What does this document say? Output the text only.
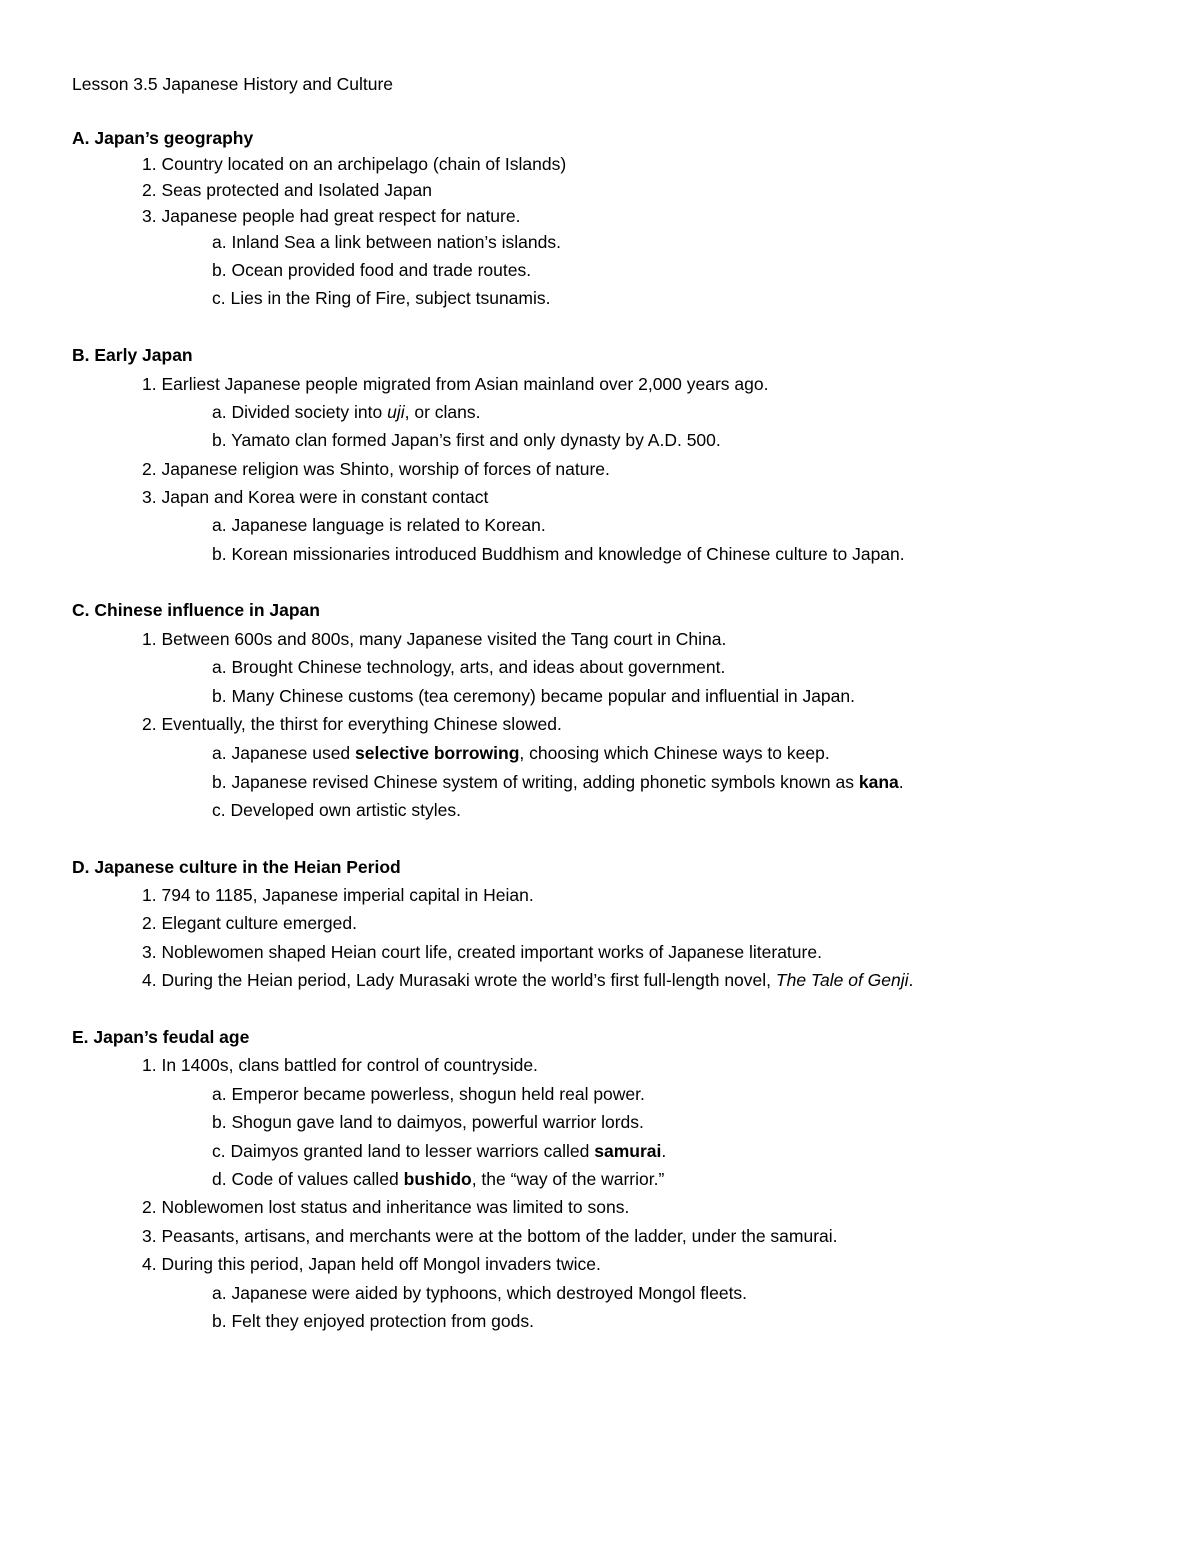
Lesson 3.5 Japanese History and Culture
A. Japan’s geography
1. Country located on an archipelago (chain of Islands)
2. Seas protected and Isolated Japan
3. Japanese people had great respect for nature.
a. Inland Sea a link between nation’s islands.
b. Ocean provided food and trade routes.
c. Lies in the Ring of Fire, subject tsunamis.
B. Early Japan
1. Earliest Japanese people migrated from Asian mainland over 2,000 years ago.
a. Divided society into uji, or clans.
b. Yamato clan formed Japan’s first and only dynasty by A.D. 500.
2. Japanese religion was Shinto, worship of forces of nature.
3. Japan and Korea were in constant contact
a. Japanese language is related to Korean.
b. Korean missionaries introduced Buddhism and knowledge of Chinese culture to Japan.
C. Chinese influence in Japan
1. Between 600s and 800s, many Japanese visited the Tang court in China.
a. Brought Chinese technology, arts, and ideas about government.
b. Many Chinese customs (tea ceremony) became popular and influential in Japan.
2. Eventually, the thirst for everything Chinese slowed.
a. Japanese used selective borrowing, choosing which Chinese ways to keep.
b. Japanese revised Chinese system of writing, adding phonetic symbols known as kana.
c. Developed own artistic styles.
D. Japanese culture in the Heian Period
1. 794 to 1185, Japanese imperial capital in Heian.
2. Elegant culture emerged.
3. Noblewomen shaped Heian court life, created important works of Japanese literature.
4. During the Heian period, Lady Murasaki wrote the world’s first full-length novel, The Tale of Genji.
E. Japan’s feudal age
1. In 1400s, clans battled for control of countryside.
a. Emperor became powerless, shogun held real power.
b. Shogun gave land to daimyos, powerful warrior lords.
c. Daimyos granted land to lesser warriors called samurai.
d. Code of values called bushido, the “way of the warrior.”
2. Noblewomen lost status and inheritance was limited to sons.
3. Peasants, artisans, and merchants were at the bottom of the ladder, under the samurai.
4. During this period, Japan held off Mongol invaders twice.
a. Japanese were aided by typhoons, which destroyed Mongol fleets.
b. Felt they enjoyed protection from gods.
